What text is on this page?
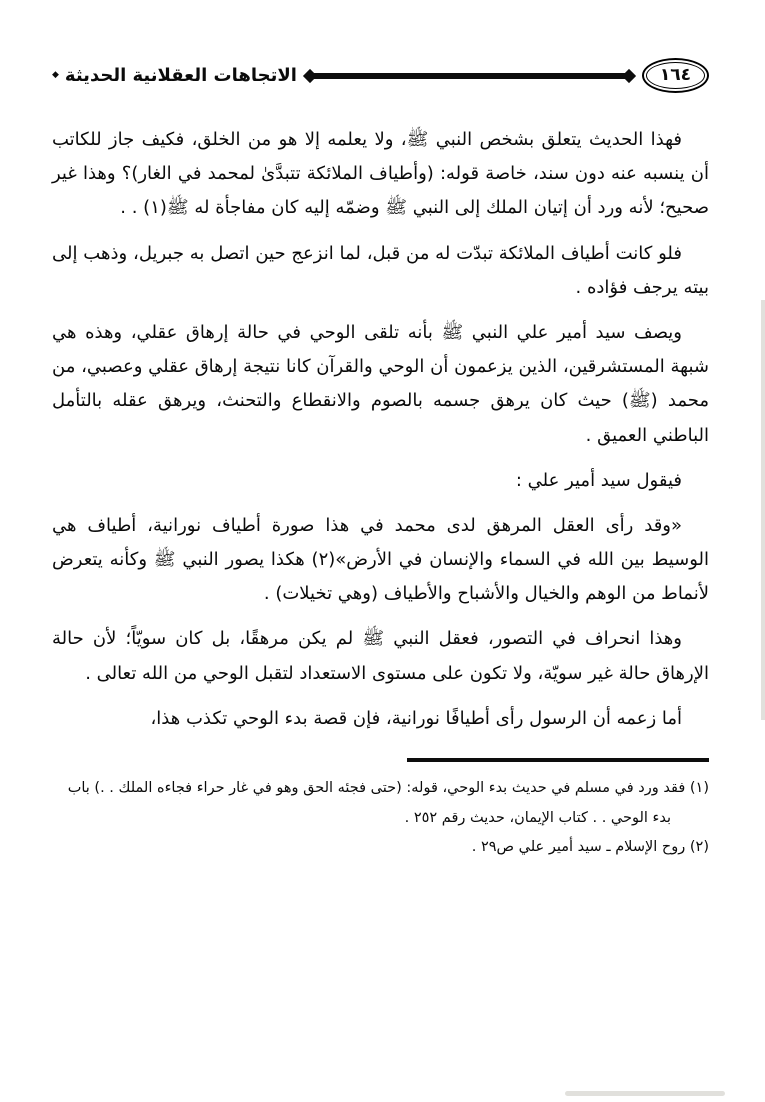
١٦٤
الاتجاهات العقلانية الحديثة
◆

فهذا الحديث يتعلق بشخص النبي ﷺ، ولا يعلمه إلا هو من الخلق، فكيف جاز للكاتب أن ينسبه عنه دون سند، خاصة قوله: (وأطياف الملائكة تتبدَّىٰ لمحمد في الغار)؟ وهذا غير صحيح؛ لأنه ورد أن إتيان الملك إلى النبي ﷺ وضمّه إليه كان مفاجأة له ﷺ(١) . .

فلو كانت أطياف الملائكة تبدّت له من قبل، لما انزعج حين اتصل به جبريل، وذهب إلى بيته يرجف فؤاده .

ويصف سيد أمير علي النبي ﷺ بأنه تلقى الوحي في حالة إرهاق عقلي، وهذه هي شبهة المستشرقين، الذين يزعمون أن الوحي والقرآن كانا نتيجة إرهاق عقلي وعصبي، من محمد (ﷺ) حيث كان يرهق جسمه بالصوم والانقطاع والتحنث، ويرهق عقله بالتأمل الباطني العميق .

فيقول سيد أمير علي :

«وقد رأى العقل المرهق لدى محمد في هذا صورة أطياف نورانية، أطياف هي الوسيط بين الله في السماء والإنسان في الأرض»(٢) هكذا يصور النبي ﷺ وكأنه يتعرض لأنماط من الوهم والخيال والأشباح والأطياف (وهي تخيلات) .

وهذا انحراف في التصور، فعقل النبي ﷺ لم يكن مرهقًا، بل كان سويّاً؛ لأن حالة الإرهاق حالة غير سويّة، ولا تكون على مستوى الاستعداد لتقبل الوحي من الله تعالى .

أما زعمه أن الرسول رأى أطيافًا نورانية، فإن قصة بدء الوحي تكذب هذا،

(١) فقد ورد في مسلم في حديث بدء الوحي، قوله: (حتى فجئه الحق وهو في غار حراء فجاءه الملك . .) باب بدء الوحي . . كتاب الإيمان، حديث رقم ٢٥٢ .

(٢) روح الإسلام ـ سيد أمير علي ص٢٩ .
